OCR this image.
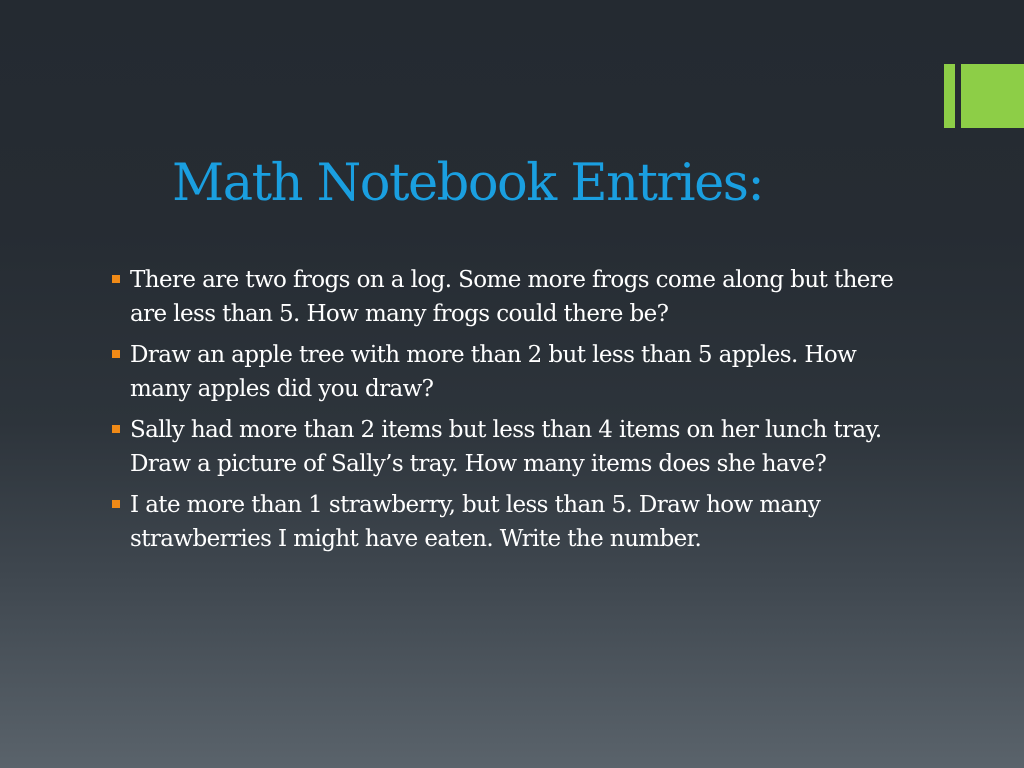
Math Notebook Entries:
There are two frogs on a log. Some more frogs come along but there are less than 5. How many frogs could there be?
Draw an apple tree with more than 2 but less than 5 apples. How many apples did you draw?
Sally had more than 2 items but less than 4 items on her lunch tray. Draw a picture of Sally’s tray. How many items does she have?
I ate more than 1 strawberry, but less than 5. Draw how many strawberries I might have eaten. Write the number.
